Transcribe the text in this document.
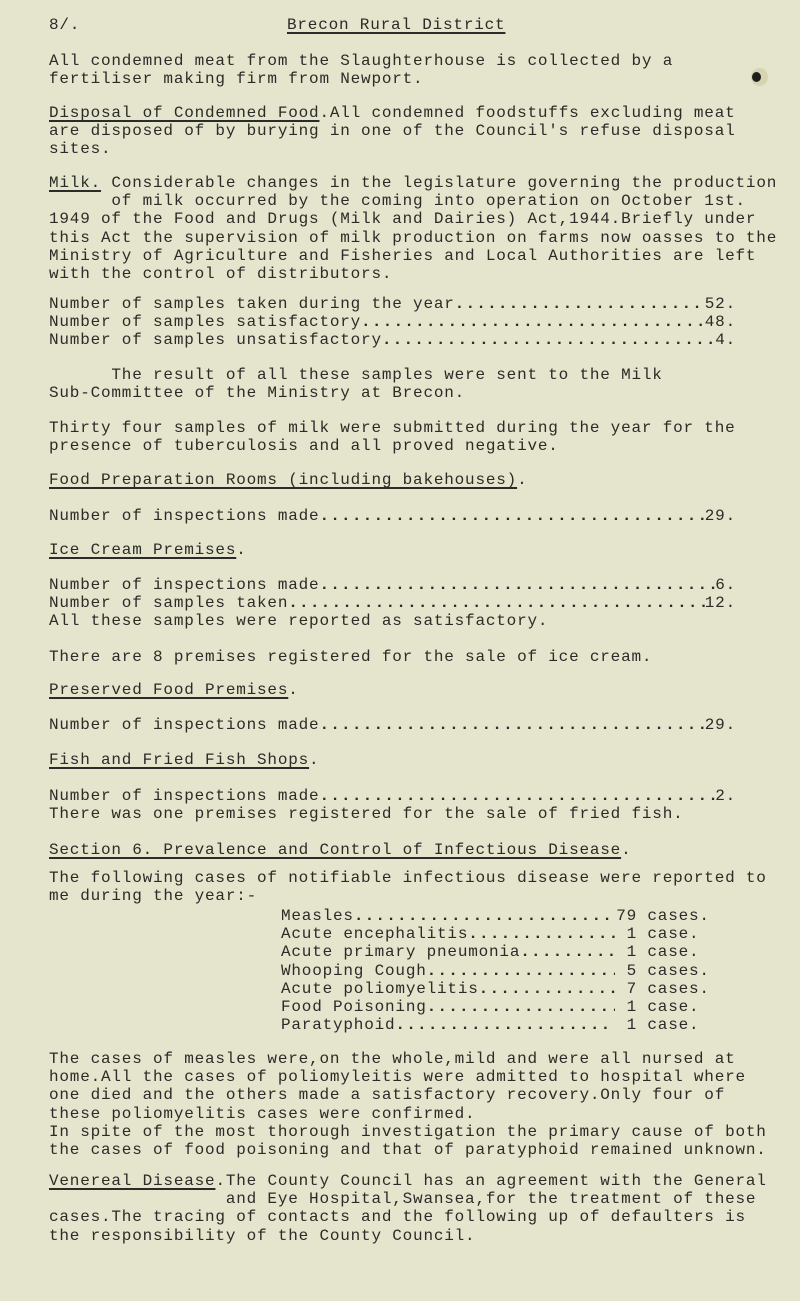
8/.	Brecon Rural District
All condemned meat from the Slaughterhouse is collected by a
fertiliser making firm from Newport.
Disposal of Condemned Food.All condemned foodstuffs excluding meat
are disposed of by burying in one of the Council's refuse disposal
sites.
Milk. Considerable changes in the legislature governing the production
of milk occurred by the coming into operation on October 1st.
1949 of the Food and Drugs (Milk and Dairies) Act,1944.Briefly under
this Act the supervision of milk production on farms now oasses to the
Ministry of Agriculture and Fisheries and Local Authorities are left
with the control of distributors.
Number of samples taken during the year .....	52.
Number of samples satisfactory .....	48.
Number of samples unsatisfactory .....	4.
The result of all these samples were sent to the Milk
Sub-Committee of the Ministry at Brecon.
Thirty four samples of milk were submitted during the year for the
presence of tuberculosis and all proved negative.
Food Preparation Rooms (including bakehouses).
Number of inspections made .....	29.
Ice Cream Premises.
Number of inspections made .....	6.
Number of samples taken .....	12.
All these samples were reported as satisfactory.
There are 8 premises registered for the sale of ice cream.
Preserved Food Premises.
Number of inspections made .....	29.
Fish and Fried Fish Shops.
Number of inspections made .....	2.
There was one premises registered for the sale of fried fish.
Section 6. Prevalence and Control of Infectious Disease.
The following cases of notifiable infectious disease were reported to
me during the year:-
Measles .....	79 cases.
Acute encephalitis .....	1 case.
Acute primary pneumonia .....	1 case.
Whooping Cough .....	5 cases.
Acute poliomyelitis .....	7 cases.
Food Poisoning .....	1 case.
Paratyphoid .....	1 case.
The cases of measles were,on the whole,mild and were all nursed at
home.All the cases of poliomyleitis were admitted to hospital where
one died and the others made a satisfactory recovery.Only four of
these poliomyelitis cases were confirmed.
In spite of the most thorough investigation the primary cause of both
the cases of food poisoning and that of paratyphoid remained unknown.
Venereal Disease.The County Council has an agreement with the General
and Eye Hospital,Swansea,for the treatment of these
cases.The tracing of contacts and the following up of defaulters is
the responsibility of the County Council.
